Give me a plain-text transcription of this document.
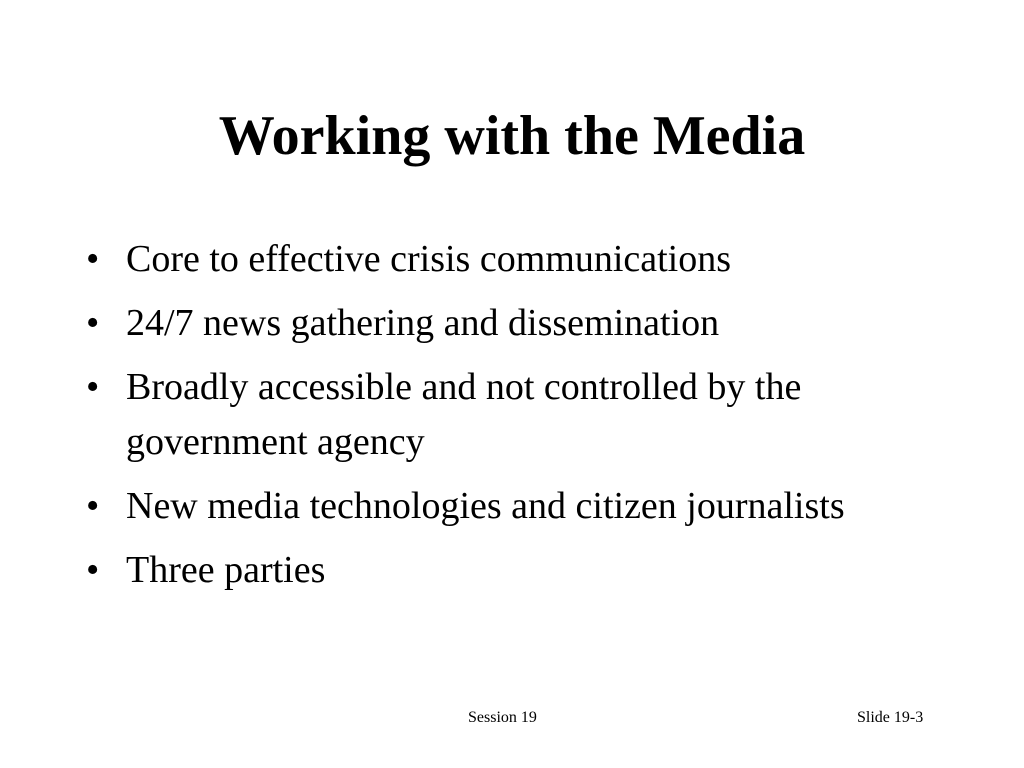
Working with the Media
• Core to effective crisis communications
• 24/7 news gathering and dissemination
• Broadly accessible and not controlled by the government agency
• New media technologies and citizen journalists
• Three parties
Session 19	Slide 19-3
